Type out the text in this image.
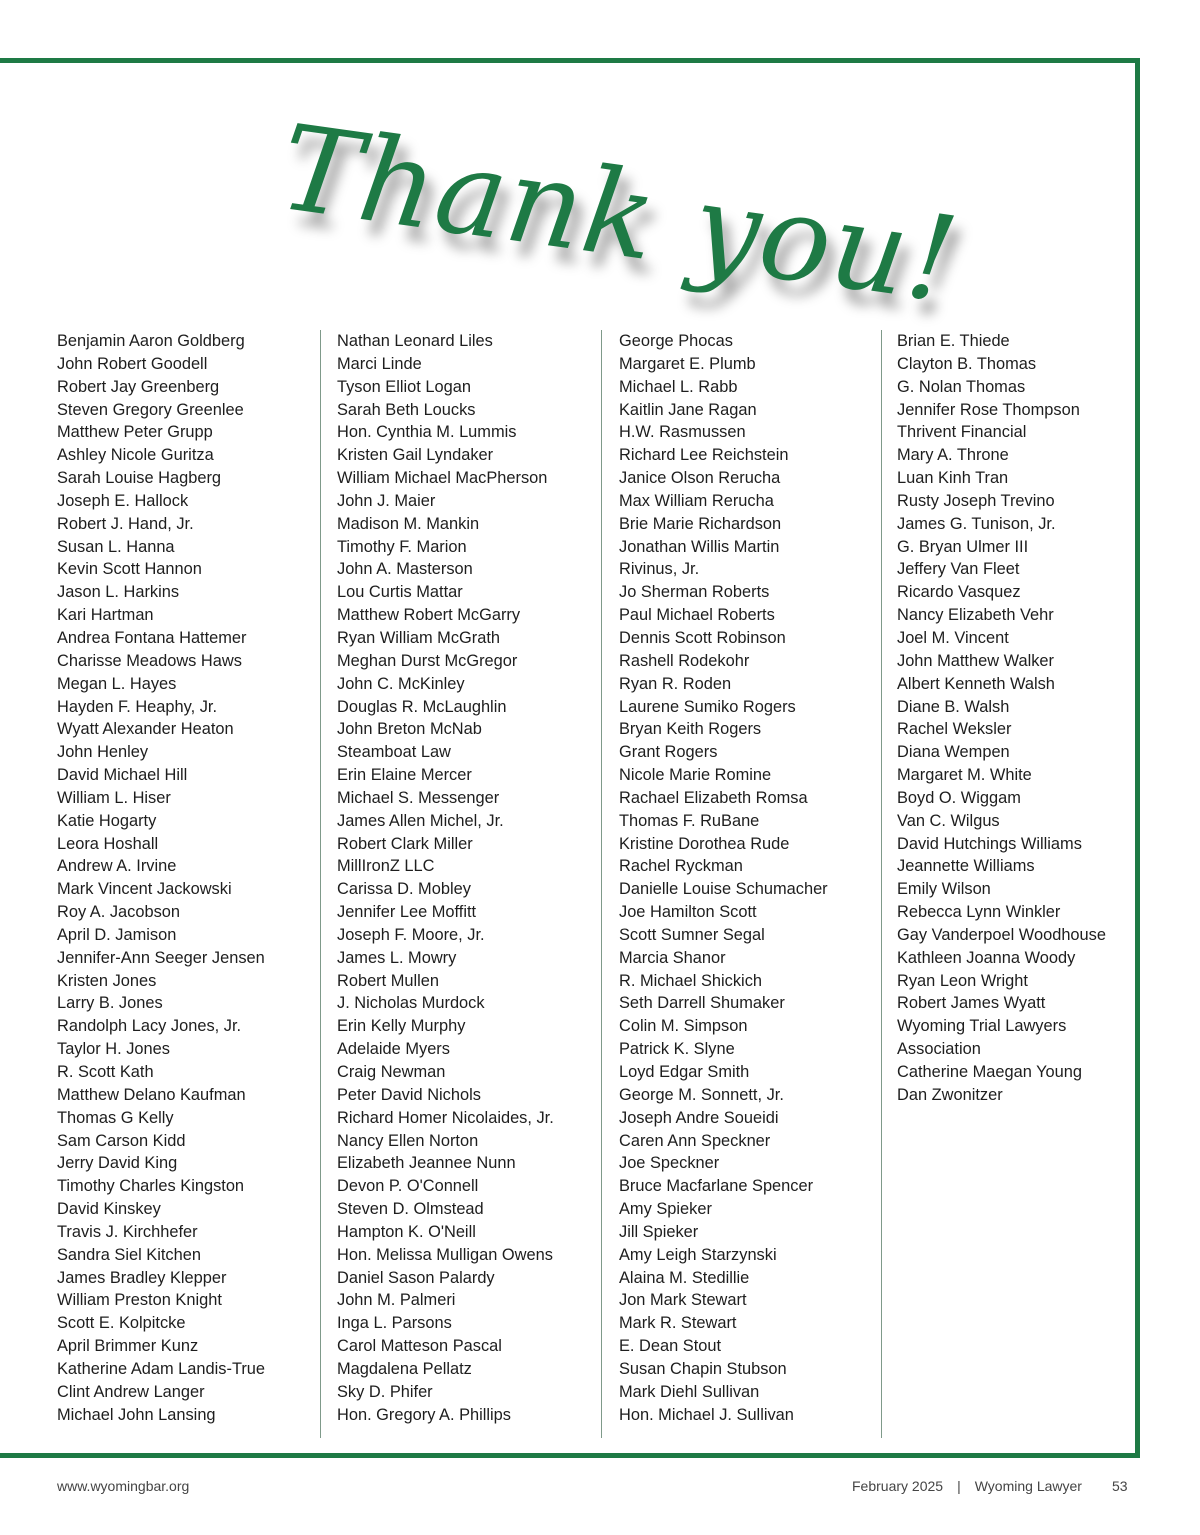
Thank you!
Benjamin Aaron Goldberg
John Robert Goodell
Robert Jay Greenberg
Steven Gregory Greenlee
Matthew Peter Grupp
Ashley Nicole Guritza
Sarah Louise Hagberg
Joseph E. Hallock
Robert J. Hand, Jr.
Susan L. Hanna
Kevin Scott Hannon
Jason L. Harkins
Kari Hartman
Andrea Fontana Hattemer
Charisse Meadows Haws
Megan L. Hayes
Hayden F. Heaphy, Jr.
Wyatt Alexander Heaton
John Henley
David Michael Hill
William L. Hiser
Katie Hogarty
Leora Hoshall
Andrew A. Irvine
Mark Vincent Jackowski
Roy A. Jacobson
April D. Jamison
Jennifer-Ann Seeger Jensen
Kristen Jones
Larry B. Jones
Randolph Lacy Jones, Jr.
Taylor H. Jones
R. Scott Kath
Matthew Delano Kaufman
Thomas G Kelly
Sam Carson Kidd
Jerry David King
Timothy Charles Kingston
David Kinskey
Travis J. Kirchhefer
Sandra Siel Kitchen
James Bradley Klepper
William Preston Knight
Scott E. Kolpitcke
April Brimmer Kunz
Katherine Adam Landis-True
Clint Andrew Langer
Michael John Lansing
Nathan Leonard Liles
Marci Linde
Tyson Elliot Logan
Sarah Beth Loucks
Hon. Cynthia M. Lummis
Kristen Gail Lyndaker
William Michael MacPherson
John J. Maier
Madison M. Mankin
Timothy F. Marion
John A. Masterson
Lou Curtis Mattar
Matthew Robert McGarry
Ryan William McGrath
Meghan Durst McGregor
John C. McKinley
Douglas R. McLaughlin
John Breton McNab
Steamboat Law
Erin Elaine Mercer
Michael S. Messenger
James Allen Michel, Jr.
Robert Clark Miller
MillIronZ LLC
Carissa D. Mobley
Jennifer Lee Moffitt
Joseph F. Moore, Jr.
James L. Mowry
Robert Mullen
J. Nicholas Murdock
Erin Kelly Murphy
Adelaide Myers
Craig Newman
Peter David Nichols
Richard Homer Nicolaides, Jr.
Nancy Ellen Norton
Elizabeth Jeannee Nunn
Devon P. O'Connell
Steven D. Olmstead
Hampton K. O'Neill
Hon. Melissa Mulligan Owens
Daniel Sason Palardy
John M. Palmeri
Inga L. Parsons
Carol Matteson Pascal
Magdalena Pellatz
Sky D. Phifer
Hon. Gregory A. Phillips
George Phocas
Margaret E. Plumb
Michael L. Rabb
Kaitlin Jane Ragan
H.W. Rasmussen
Richard Lee Reichstein
Janice Olson Rerucha
Max William Rerucha
Brie Marie Richardson
Jonathan Willis Martin
Rivinus, Jr.
Jo Sherman Roberts
Paul Michael Roberts
Dennis Scott Robinson
Rashell Rodekohr
Ryan R. Roden
Laurene Sumiko Rogers
Bryan Keith Rogers
Grant Rogers
Nicole Marie Romine
Rachael Elizabeth Romsa
Thomas F. RuBane
Kristine Dorothea Rude
Rachel Ryckman
Danielle Louise Schumacher
Joe Hamilton Scott
Scott Sumner Segal
Marcia Shanor
R. Michael Shickich
Seth Darrell Shumaker
Colin M. Simpson
Patrick K. Slyne
Loyd Edgar Smith
George M. Sonnett, Jr.
Joseph Andre Soueidi
Caren Ann Speckner
Joe Speckner
Bruce Macfarlane Spencer
Amy Spieker
Jill Spieker
Amy Leigh Starzynski
Alaina M. Stedillie
Jon Mark Stewart
Mark R. Stewart
E. Dean Stout
Susan Chapin Stubson
Mark Diehl Sullivan
Hon. Michael J. Sullivan
Brian E. Thiede
Clayton B. Thomas
G. Nolan Thomas
Jennifer Rose Thompson
Thrivent Financial
Mary A. Throne
Luan Kinh Tran
Rusty Joseph Trevino
James G. Tunison, Jr.
G. Bryan Ulmer III
Jeffery Van Fleet
Ricardo Vasquez
Nancy Elizabeth Vehr
Joel M. Vincent
John Matthew Walker
Albert Kenneth Walsh
Diane B. Walsh
Rachel Weksler
Diana Wempen
Margaret M. White
Boyd O. Wiggam
Van C. Wilgus
David Hutchings Williams
Jeannette Williams
Emily Wilson
Rebecca Lynn Winkler
Gay Vanderpoel Woodhouse
Kathleen Joanna Woody
Ryan Leon Wright
Robert James Wyatt
Wyoming Trial Lawyers
Association
Catherine Maegan Young
Dan Zwonitzer
www.wyomingbar.org	February 2025 | Wyoming Lawyer 53
